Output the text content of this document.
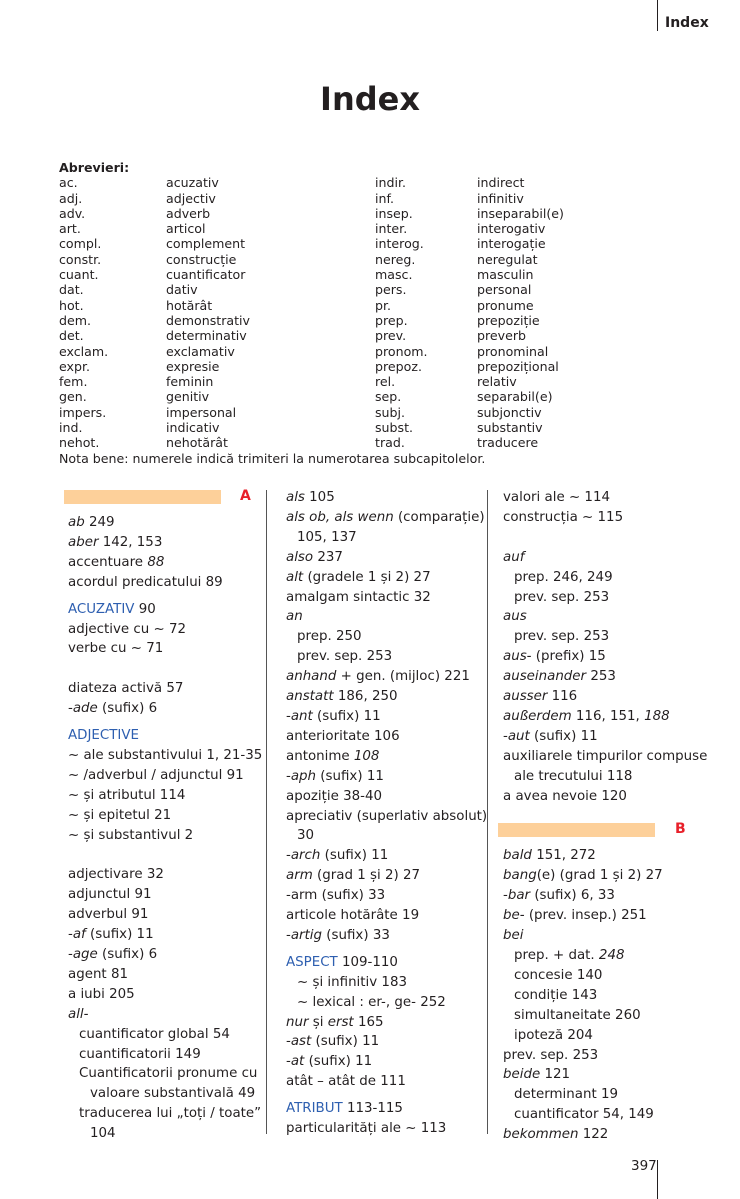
Index
Index
Abrevieri:
ac.
adj.
adv.
art.
compl.
constr.
cuant.
dat.
hot.
dem.
det.
exclam.
expr.
fem.
gen.
impers.
ind.
nehot.
acuzativ
adjectiv
adverb
articol
complement
construcție
cuantificator
dativ
hotărât
demonstrativ
determinativ
exclamativ
expresie
feminin
genitiv
impersonal
indicativ
nehotărât
indir.
inf.
insep.
inter.
interog.
nereg.
masc.
pers.
pr.
prep.
prev.
pronom.
prepoz.
rel.
sep.
subj.
subst.
trad.
indirect
infinitiv
inseparabil(e)
interogativ
interogație
neregulat
masculin
personal
pronume
prepoziție
preverb
pronominal
prepozițional
relativ
separabil(e)
subjonctiv
substantiv
traducere
Nota bene: numerele indică trimiteri la numerotarea subcapitolelor.
A
ab 249
aber 142, 153
accentuare 88
acordul predicatului 89
ACUZATIV 90
adjective cu ~ 72
verbe cu ~ 71
diateza activă 57
-ade (sufix) 6
ADJECTIVE
~ ale substantivului 1, 21-35
~ /adverbul / adjunctul 91
~ și atributul 114
~ și epitetul 21
~ și substantivul 2
adjectivare 32
adjunctul 91
adverbul 91
-af (sufix) 11
-age (sufix) 6
agent 81
a iubi 205
all-
cuantificator global 54
cuantificatorii 149
Cuantificatorii pronume cu
valoare substantivală 49
traducerea lui „toți / toate”
104
als 105
als ob, als wenn (comparație)
105, 137
also 237
alt (gradele 1 și 2) 27
amalgam sintactic 32
an
prep. 250
prev. sep. 253
anhand + gen. (mijloc) 221
anstatt 186, 250
-ant (sufix) 11
anterioritate 106
antonime 108
-aph (sufix) 11
apoziție 38-40
apreciativ (superlativ absolut)
30
-arch (sufix) 11
arm (grad 1 și 2) 27
-arm (sufix) 33
articole hotărâte 19
-artig (sufix) 33
ASPECT 109-110
~ și infinitiv 183
~ lexical : er-, ge- 252
nur și erst 165
-ast (sufix) 11
-at (sufix) 11
atât – atât de 111
ATRIBUT 113-115
particularități ale ~ 113
valori ale ~ 114
construcția ~ 115
auf
prep. 246, 249
prev. sep. 253
aus
prev. sep. 253
aus- (prefix) 15
auseinander 253
ausser 116
außerdem 116, 151, 188
-aut (sufix) 11
auxiliarele timpurilor compuse
ale trecutului 118
a avea nevoie 120
B
bald 151, 272
bang(e) (grad 1 și 2) 27
-bar (sufix) 6, 33
be- (prev. insep.) 251
bei
prep. + dat. 248
concesie 140
condiție 143
simultaneitate 260
ipoteză 204
prev. sep. 253
beide 121
determinant 19
cuantificator 54, 149
bekommen 122
397
